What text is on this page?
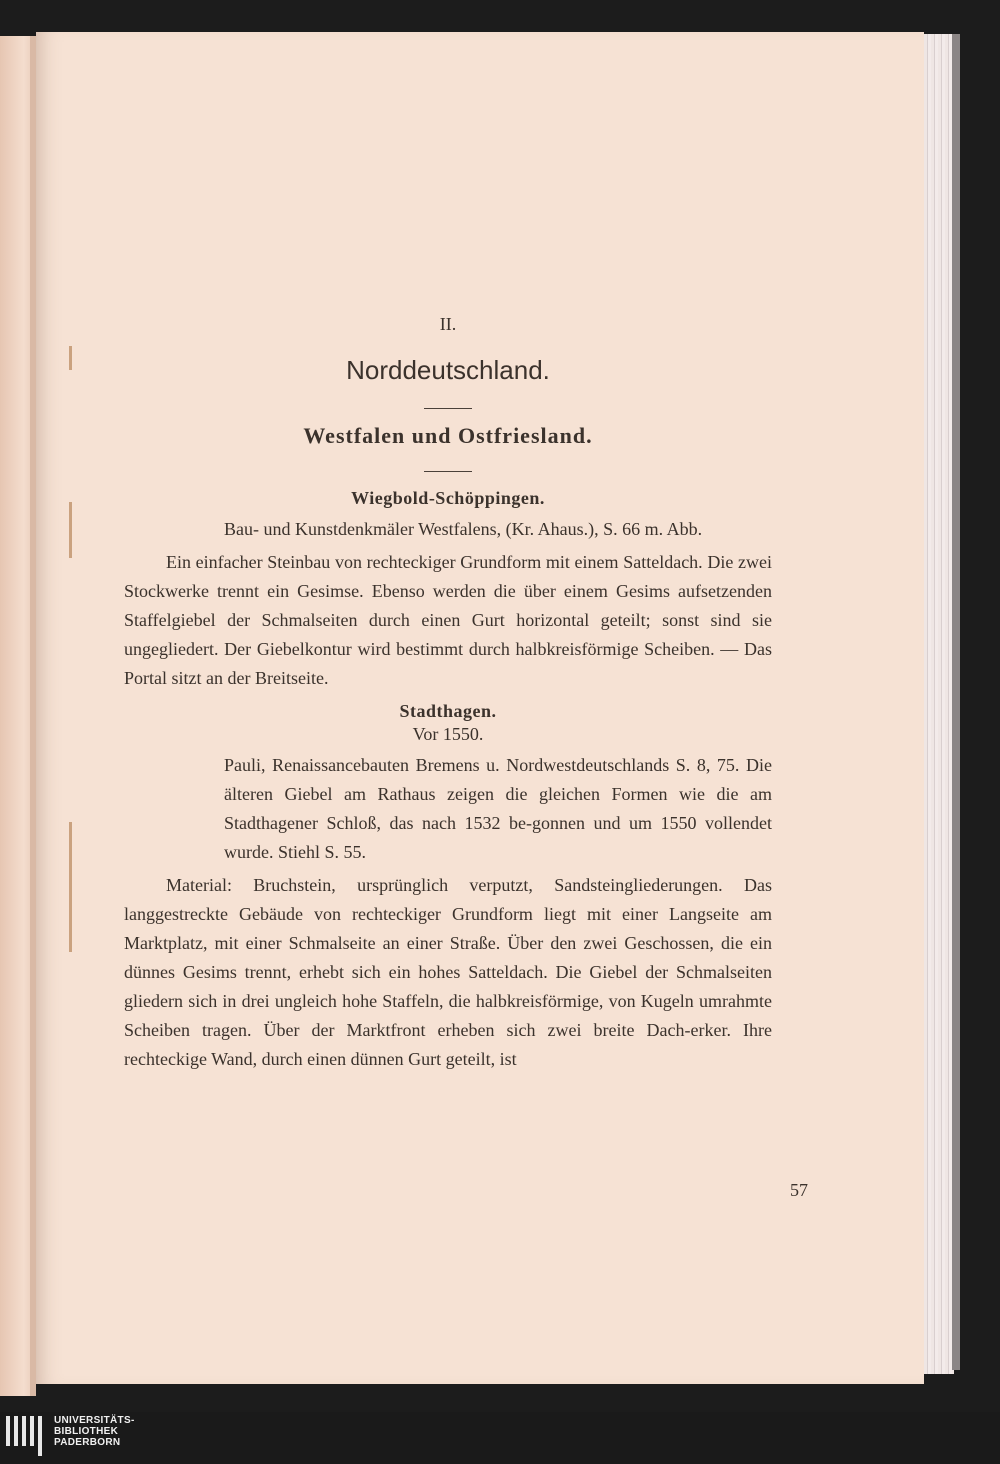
II.
Norddeutschland.
Westfalen und Ostfriesland.
Wiegbold-Schöppingen.

Bau- und Kunstdenkmäler Westfalens, (Kr. Ahaus.), S. 66 m. Abb.

Ein einfacher Steinbau von rechteckiger Grundform mit einem Satteldach. Die zwei Stockwerke trennt ein Gesimse. Ebenso werden die über einem Gesims aufsetzenden Staffelgiebel der Schmalseiten durch einen Gurt horizontal geteilt; sonst sind sie ungegliedert. Der Giebelkontur wird bestimmt durch halbkreisförmige Scheiben. — Das Portal sitzt an der Breitseite.

Stadthagen.
Vor 1550.

Pauli, Renaissancebauten Bremens u. Nordwestdeutschlands S. 8, 75. Die älteren Giebel am Rathaus zeigen die gleichen Formen wie die am Stadthagener Schloß, das nach 1532 be-gonnen und um 1550 vollendet wurde. Stiehl S. 55.

Material: Bruchstein, ursprünglich verputzt, Sandsteingliederungen. Das langgestreckte Gebäude von rechteckiger Grundform liegt mit einer Langseite am Marktplatz, mit einer Schmalseite an einer Straße. Über den zwei Geschossen, die ein dünnes Gesims trennt, erhebt sich ein hohes Satteldach. Die Giebel der Schmalseiten gliedern sich in drei ungleich hohe Staffeln, die halbkreisförmige, von Kugeln umrahmte Scheiben tragen. Über der Marktfront erheben sich zwei breite Dach-erker. Ihre rechteckige Wand, durch einen dünnen Gurt geteilt, ist

57
UNIVERSITÄTS-
BIBLIOTHEK
PADERBORN
